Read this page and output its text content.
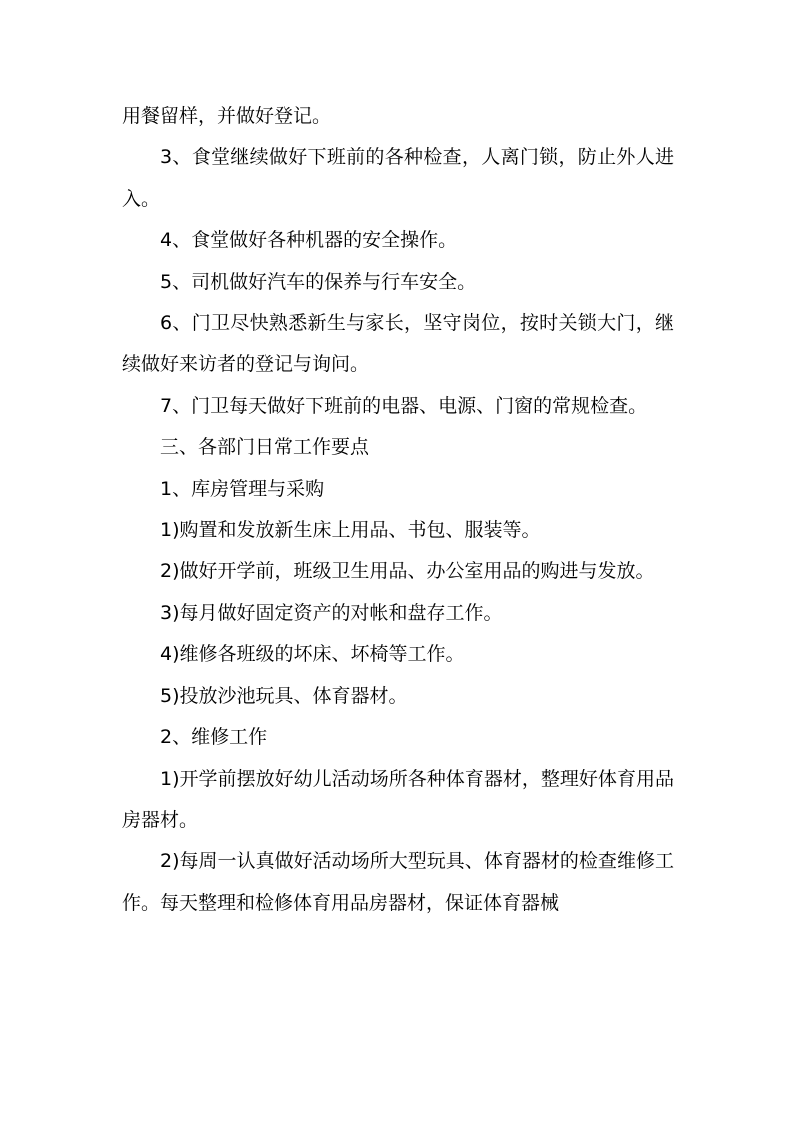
用餐留样，并做好登记。

3、食堂继续做好下班前的各种检查，人离门锁，防止外人进入。

4、食堂做好各种机器的安全操作。

5、司机做好汽车的保养与行车安全。

6、门卫尽快熟悉新生与家长，坚守岗位，按时关锁大门，继续做好来访者的登记与询问。

7、门卫每天做好下班前的电器、电源、门窗的常规检查。

三、各部门日常工作要点

1、库房管理与采购

1)购置和发放新生床上用品、书包、服装等。

2)做好开学前，班级卫生用品、办公室用品的购进与发放。

3)每月做好固定资产的对帐和盘存工作。

4)维修各班级的坏床、坏椅等工作。

5)投放沙池玩具、体育器材。

2、维修工作

1)开学前摆放好幼儿活动场所各种体育器材，整理好体育用品房器材。

2)每周一认真做好活动场所大型玩具、体育器材的检查维修工作。每天整理和检修体育用品房器材，保证体育器械
